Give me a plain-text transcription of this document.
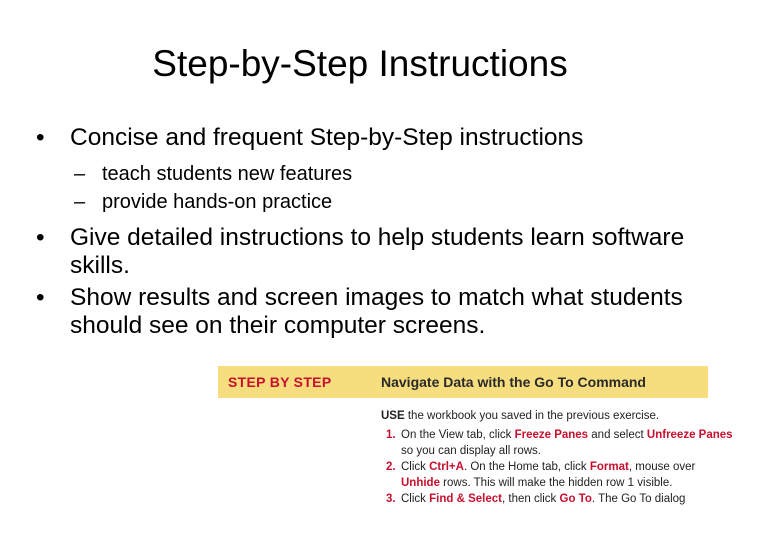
Step-by-Step Instructions
• Concise and frequent Step-by-Step instructions
– teach students new features
– provide hands-on practice
• Give detailed instructions to help students learn software skills.
• Show results and screen images to match what students should see on their computer screens.
STEP BY STEP	Navigate Data with the Go To Command
USE the workbook you saved in the previous exercise.
1. On the View tab, click Freeze Panes and select Unfreeze Panes
so you can display all rows.
2. Click Ctrl+A. On the Home tab, click Format, mouse over
Unhide rows. This will make the hidden row 1 visible.
3. Click Find & Select, then click Go To. The Go To dialog
